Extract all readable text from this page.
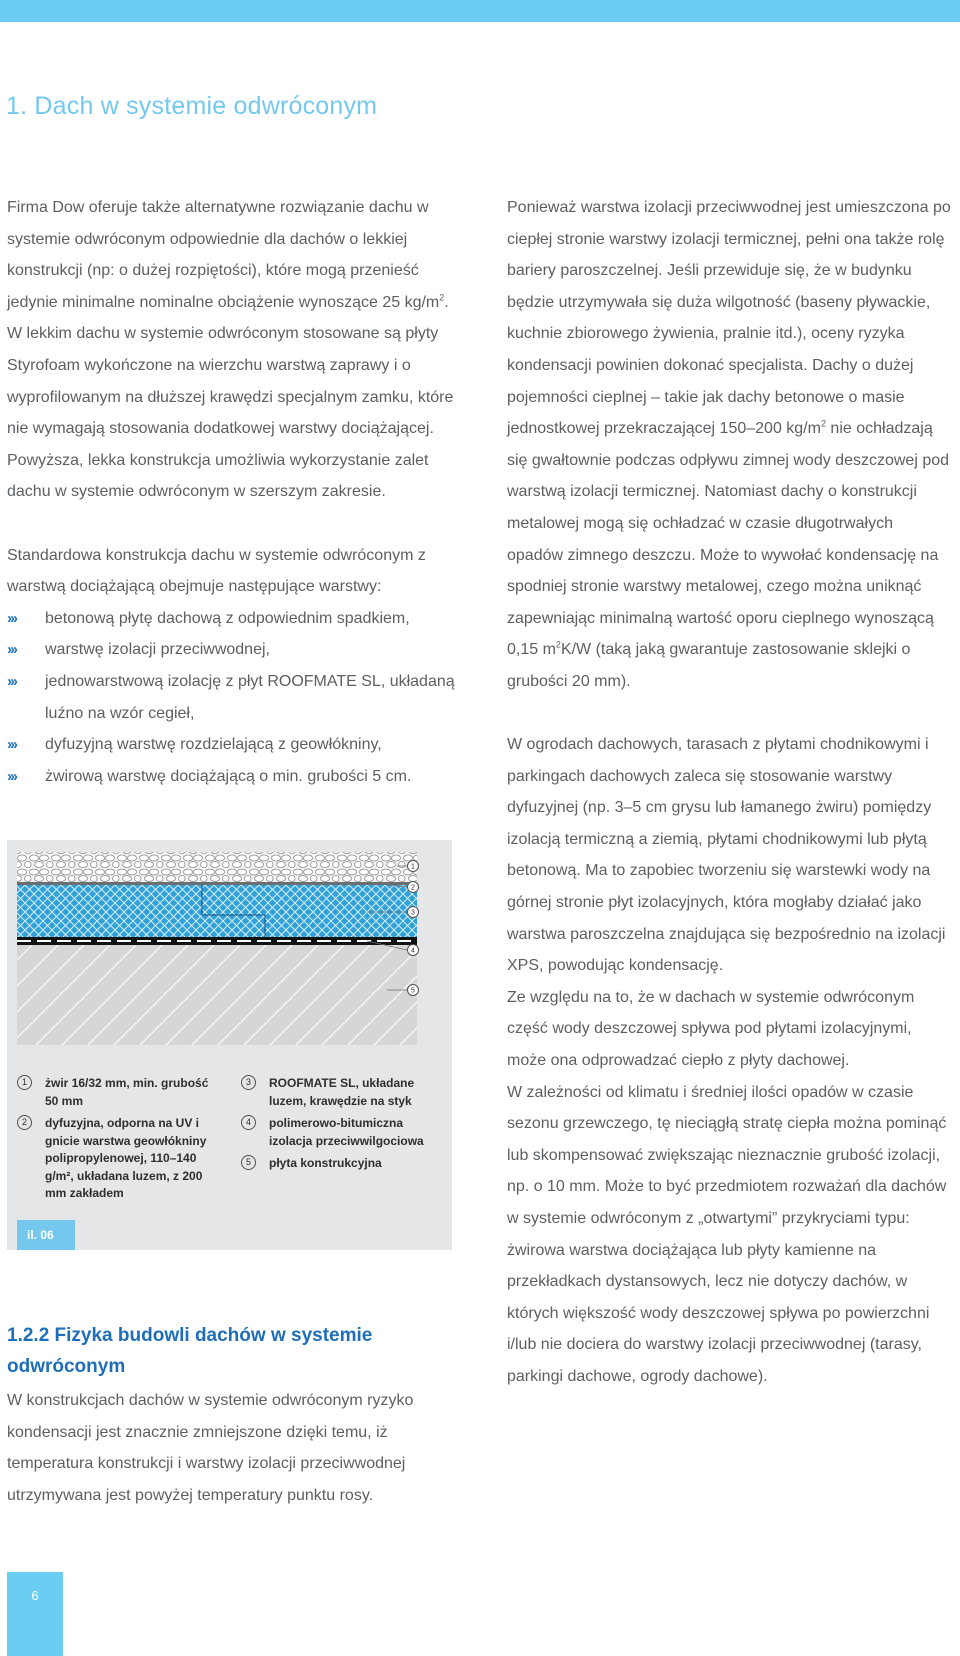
1. Dach w systemie odwróconym

Firma Dow oferuje także alternatywne rozwiązanie dachu w systemie odwróconym odpowiednie dla dachów o lekkiej konstrukcji (np: o dużej rozpiętości), które mogą przenieść jedynie minimalne nominalne obciążenie wynoszące 25 $kg/m^2$. W lekkim dachu w systemie odwróconym stosowane są płyty Styrofoam wykończone na wierzchu warstwą zaprawy i o wyprofilowanym na dłuższej krawędzi specjalnym zamku, które nie wymagają stosowania dodatkowej warstwy dociążającej. Powyższa, lekka konstrukcja umożliwia wykorzystanie zalet dachu w systemie odwróconym w szerszym zakresie.

Standardowa konstrukcja dachu w systemie odwróconym z warstwą dociążającą obejmuje następujące warstwy:

››› betonową płytę dachową z odpowiednim spadkiem,
››› warstwę izolacji przeciwwodnej,
››› jednowarstwową izolację z płyt ROOFMATE SL, układaną luźno na wzór cegieł,
››› dyfuzyjną warstwę rozdzielającą z geowłókniny,
››› żwirową warstwę dociążającą o min. grubości 5 cm.
1
2
3
4
5
1	żwir 16/32 mm, min. grubość 50 mm
2	dyfuzyjna, odporna na UV i gnicie warstwa geowłókniny polipropylenowej, 110–140 g/m², układana luzem, z 200 mm zakładem
3	ROOFMATE SL, układane luzem, krawędzie na styk
4	polimerowo-bitumiczna izolacja przeciwwilgociowa
5	płyta konstrukcyjna
il. 06
1.2.2 Fizyka budowli dachów w systemie odwróconym

W konstrukcjach dachów w systemie odwróconym ryzyko kondensacji jest znacznie zmniejszone dzięki temu, iż temperatura konstrukcji i warstwy izolacji przeciwwodnej utrzymywana jest powyżej temperatury punktu rosy.

Ponieważ warstwa izolacji przeciwwodnej jest umieszczona po ciepłej stronie warstwy izolacji termicznej, pełni ona także rolę bariery paroszczelnej. Jeśli przewiduje się, że w budynku będzie utrzymywała się duża wilgotność (baseny pływackie, kuchnie zbiorowego żywienia, pralnie itd.), oceny ryzyka kondensacji powinien dokonać specjalista. Dachy o dużej pojemności cieplnej – takie jak dachy betonowe o masie jednostkowej przekraczającej 150–200 $kg/m^2$ nie ochładzają się gwałtownie podczas odpływu zimnej wody deszczowej pod warstwą izolacji termicznej. Natomiast dachy o konstrukcji metalowej mogą się ochładzać w czasie długotrwałych opadów zimnego deszczu. Może to wywołać kondensację na spodniej stronie warstwy metalowej, czego można uniknąć zapewniając minimalną wartość oporu cieplnego wynoszącą 0,15 $m^2K/W$ (taką jaką gwarantuje zastosowanie sklejki o grubości 20 mm).

W ogrodach dachowych, tarasach z płytami chodnikowymi i parkingach dachowych zaleca się stosowanie warstwy dyfuzyjnej (np. 3–5 cm grysu lub łamanego żwiru) pomiędzy izolacją termiczną a ziemią, płytami chodnikowymi lub płytą betonową. Ma to zapobiec tworzeniu się warstewki wody na górnej stronie płyt izolacyjnych, która mogłaby działać jako warstwa paroszczelna znajdująca się bezpośrednio na izolacji XPS, powodując kondensację.

Ze względu na to, że w dachach w systemie odwróconym część wody deszczowej spływa pod płytami izolacyjnymi, może ona odprowadzać ciepło z płyty dachowej.

W zależności od klimatu i średniej ilości opadów w czasie sezonu grzewczego, tę nieciągłą stratę ciepła można pominąć lub skompensować zwiększając nieznacznie grubość izolacji, np. o 10 mm. Może to być przedmiotem rozważań dla dachów w systemie odwróconym z „otwartymi” przykryciami typu: żwirowa warstwa dociążająca lub płyty kamienne na przekładkach dystansowych, lecz nie dotyczy dachów, w których większość wody deszczowej spływa po powierzchni i/lub nie dociera do warstwy izolacji przeciwwodnej (tarasy, parkingi dachowe, ogrody dachowe).

6
